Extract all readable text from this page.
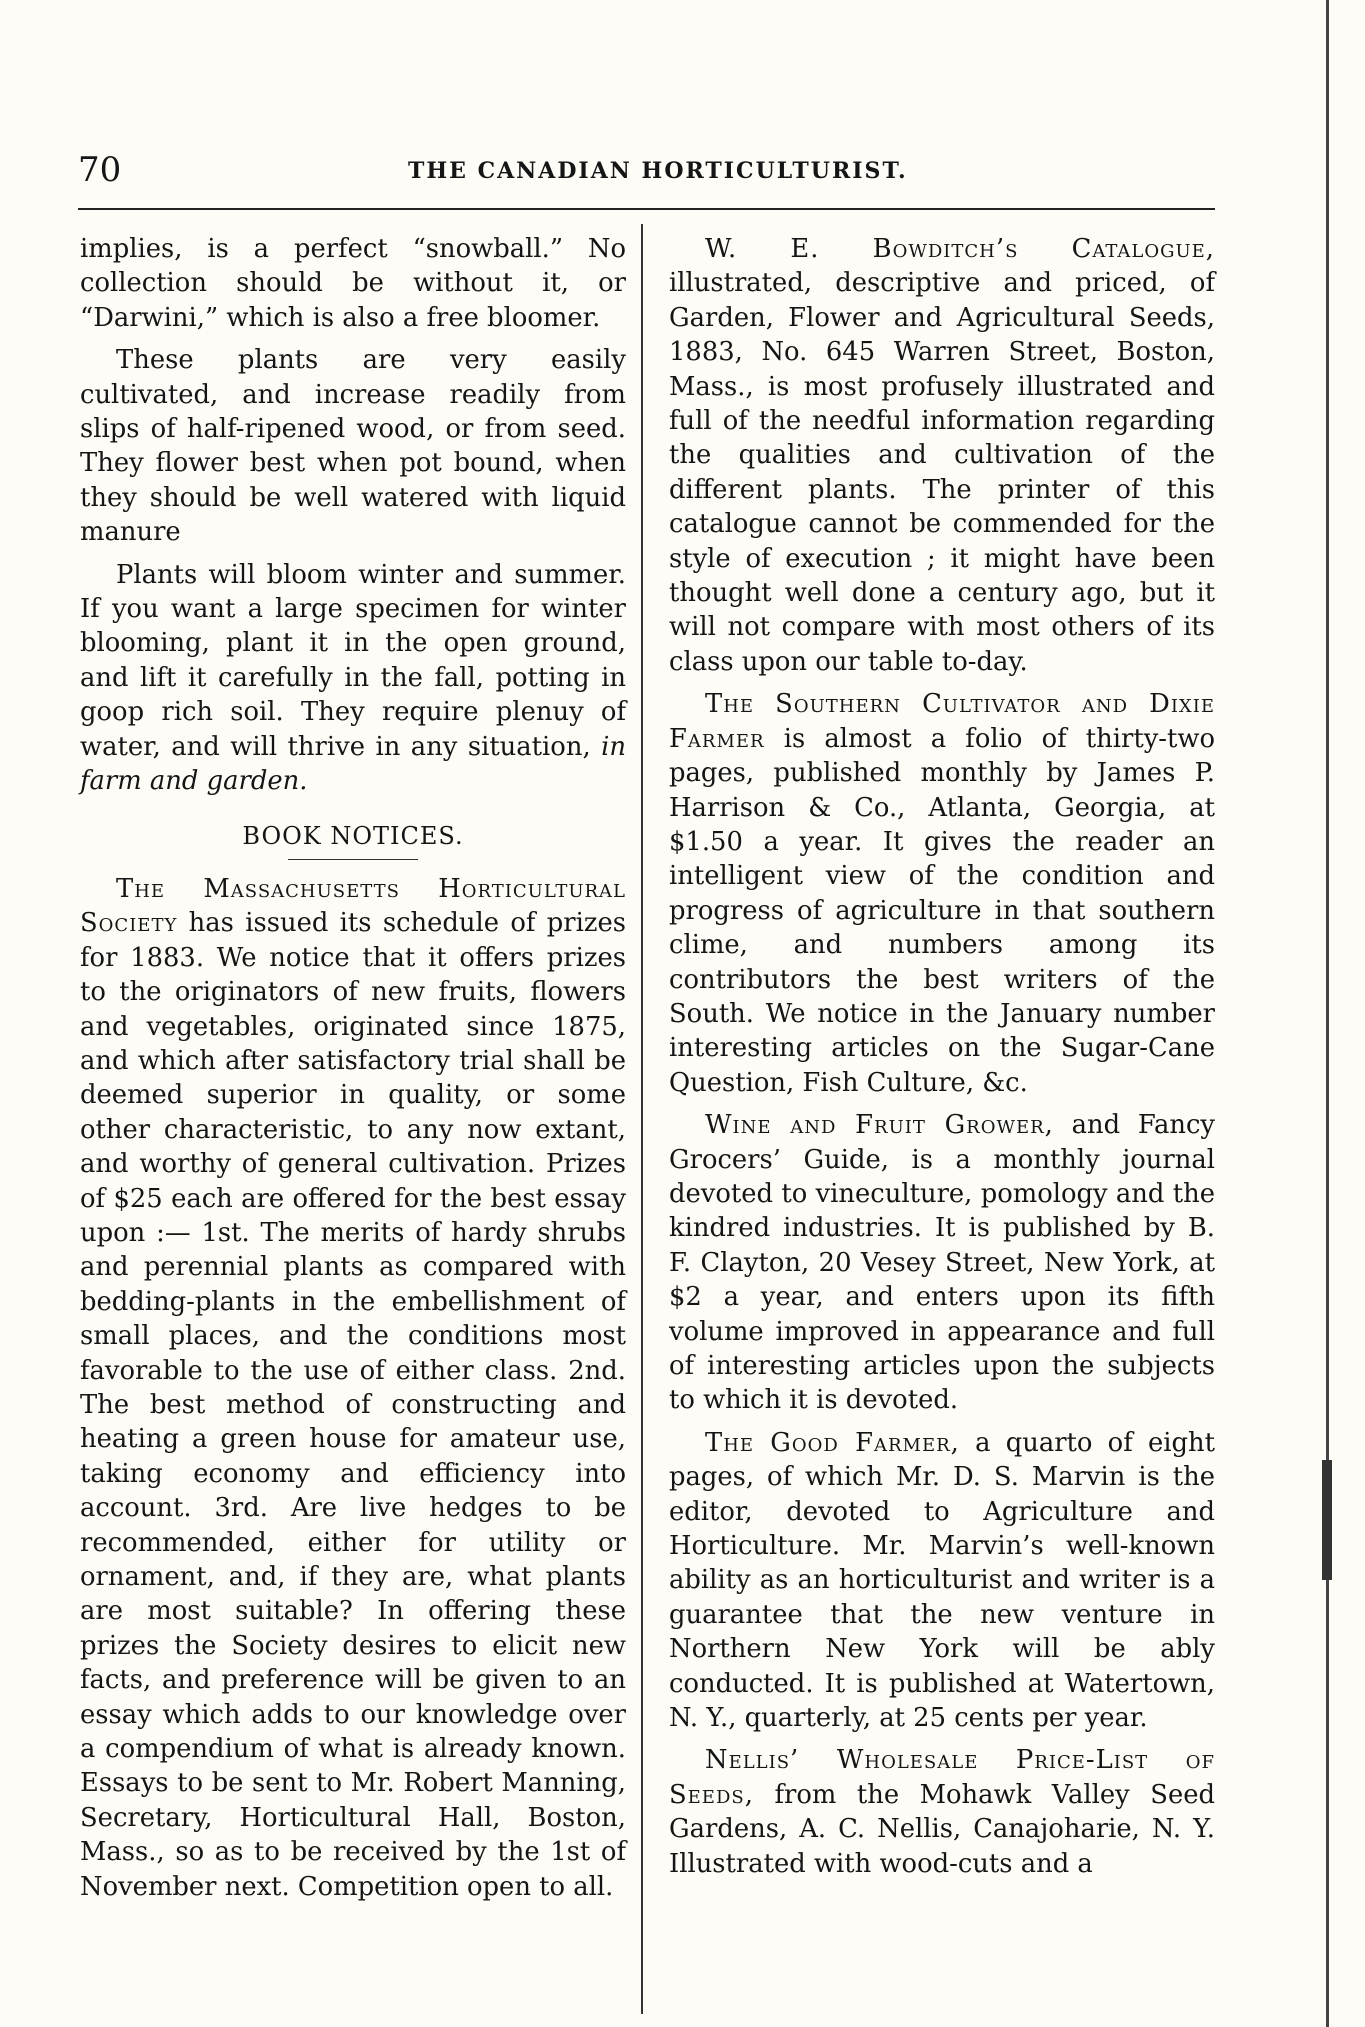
70	THE CANADIAN HORTICULTURIST.

implies, is a perfect “snowball.” No collection should be without it, or “Darwini,” which is also a free bloomer.

These plants are very easily cultivated, and increase readily from slips of half-ripened wood, or from seed. They flower best when pot bound, when they should be well watered with liquid manure

Plants will bloom winter and summer. If you want a large specimen for winter blooming, plant it in the open ground, and lift it carefully in the fall, potting in goop rich soil. They require plenuy of water, and will thrive in any situation, in farm and garden.

BOOK NOTICES.

The Massachusetts Horticultural Society has issued its schedule of prizes for 1883. We notice that it offers prizes to the originators of new fruits, flowers and vegetables, originated since 1875, and which after satisfactory trial shall be deemed superior in quality, or some other characteristic, to any now extant, and worthy of general cultivation. Prizes of $25 each are offered for the best essay upon :— 1st. The merits of hardy shrubs and perennial plants as compared with bedding-plants in the embellishment of small places, and the conditions most favorable to the use of either class. 2nd. The best method of constructing and heating a green house for amateur use, taking economy and efficiency into account. 3rd. Are live hedges to be recommended, either for utility or ornament, and, if they are, what plants are most suitable? In offering these prizes the Society desires to elicit new facts, and preference will be given to an essay which adds to our knowledge over a compendium of what is already known. Essays to be sent to Mr. Robert Manning, Secretary, Horticultural Hall, Boston, Mass., so as to be received by the 1st of November next. Competition open to all.

W. E. Bowditch’s Catalogue, illustrated, descriptive and priced, of Garden, Flower and Agricultural Seeds, 1883, No. 645 Warren Street, Boston, Mass., is most profusely illustrated and full of the needful information regarding the qualities and cultivation of the different plants. The printer of this catalogue cannot be commended for the style of execution ; it might have been thought well done a century ago, but it will not compare with most others of its class upon our table to-day.

The Southern Cultivator and Dixie Farmer is almost a folio of thirty-two pages, published monthly by James P. Harrison & Co., Atlanta, Georgia, at $1.50 a year. It gives the reader an intelligent view of the condition and progress of agriculture in that southern clime, and numbers among its contributors the best writers of the South. We notice in the January number interesting articles on the Sugar-Cane Question, Fish Culture, &c.

Wine and Fruit Grower, and Fancy Grocers’ Guide, is a monthly journal devoted to vineculture, pomology and the kindred industries. It is published by B. F. Clayton, 20 Vesey Street, New York, at $2 a year, and enters upon its fifth volume improved in appearance and full of interesting articles upon the subjects to which it is devoted.

The Good Farmer, a quarto of eight pages, of which Mr. D. S. Marvin is the editor, devoted to Agriculture and Horticulture. Mr. Marvin’s well-known ability as an horticulturist and writer is a guarantee that the new venture in Northern New York will be ably conducted. It is published at Watertown, N. Y., quarterly, at 25 cents per year.

Nellis’ Wholesale Price-List of Seeds, from the Mohawk Valley Seed Gardens, A. C. Nellis, Canajoharie, N. Y. Illustrated with wood-cuts and a
